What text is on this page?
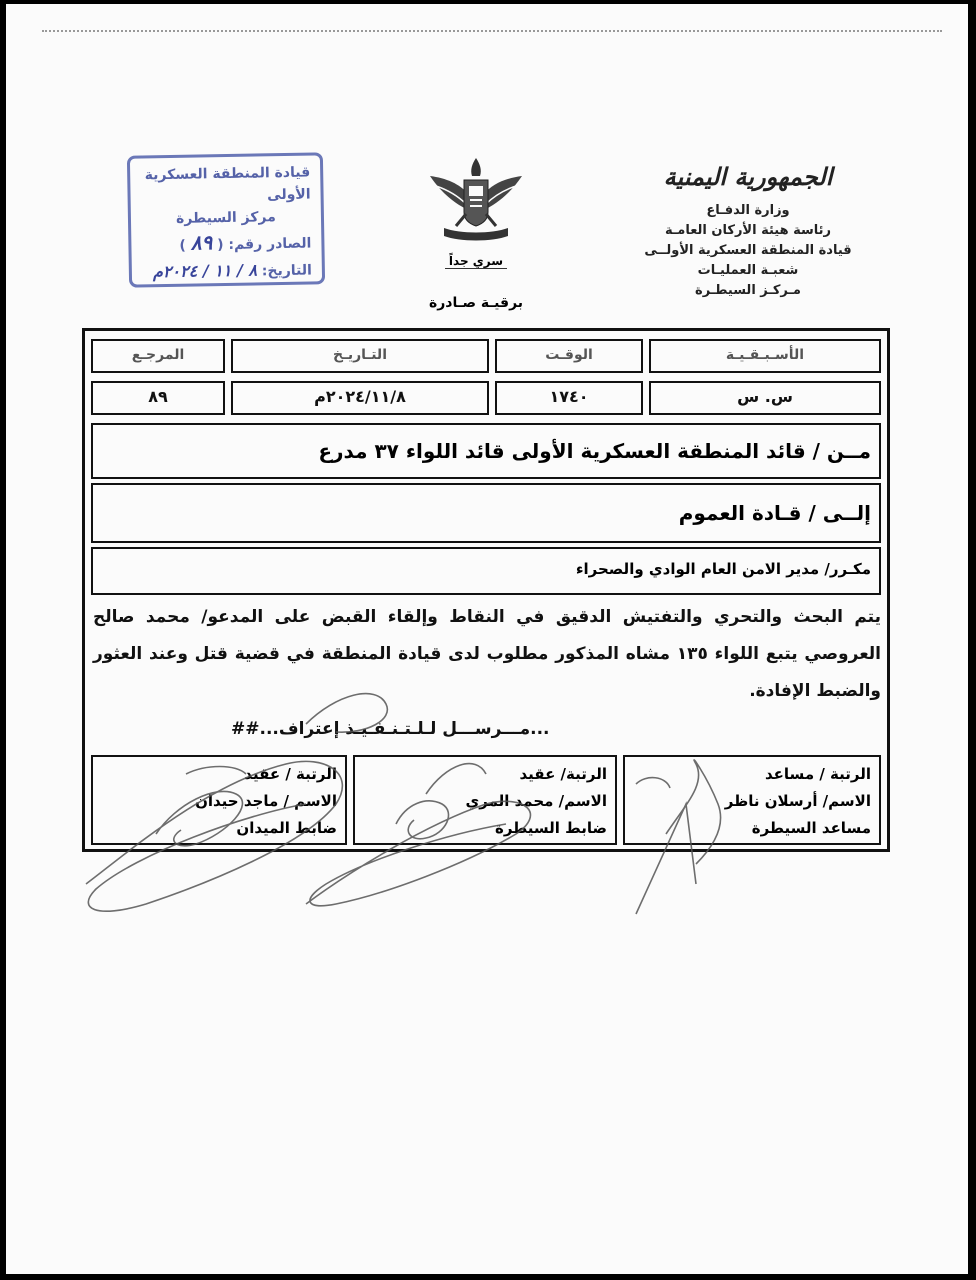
الجمهورية اليمنية
وزارة الدفـاع
رئاسة هيئة الأركان العامـة
قيادة المنطقة العسكرية الأولــى
شعبـة العمليـات
مـركـز السيطـرة
سري جداً
برقيـة صـادرة
قيادة المنطقة العسكرية الأولى
مركز السيطرة
الصادر رقم: ( ٨٩ )
التاريخ: ٨ / ١١ / ٢٠٢٤م
الأسـبـقـيـة
الوقـت
التـاريـخ
المرجـع
س. س
١٧٤٠
٢٠٢٤/١١/٨م
٨٩
مــن / قائد المنطقة العسكرية الأولى قائد اللواء ٣٧ مدرع
إلــى / قـادة العموم
مكـرر/ مدير الامن العام الوادي والصحراء
يتم البحث والتحري والتفتيش الدقيق في النقاط وإلقاء القبض على المدعو/ محمد صالح العروصي يتبع اللواء ١٣٥ مشاه المذكور مطلوب لدى قيادة المنطقة في قضية قتل وعند العثور والضبط الإفادة.
...مـــرســـل لـلـتـنـفـيـذ إعتراف...##
الرتبة / مساعد
الاسم/ أرسلان ناظر
مساعد السيطرة
الرتبة/ عقيد
الاسم/ محمد المري
ضابط السيطرة
الرتبة / عقيد
الاسم / ماجد حيدان
ضابط الميدان
